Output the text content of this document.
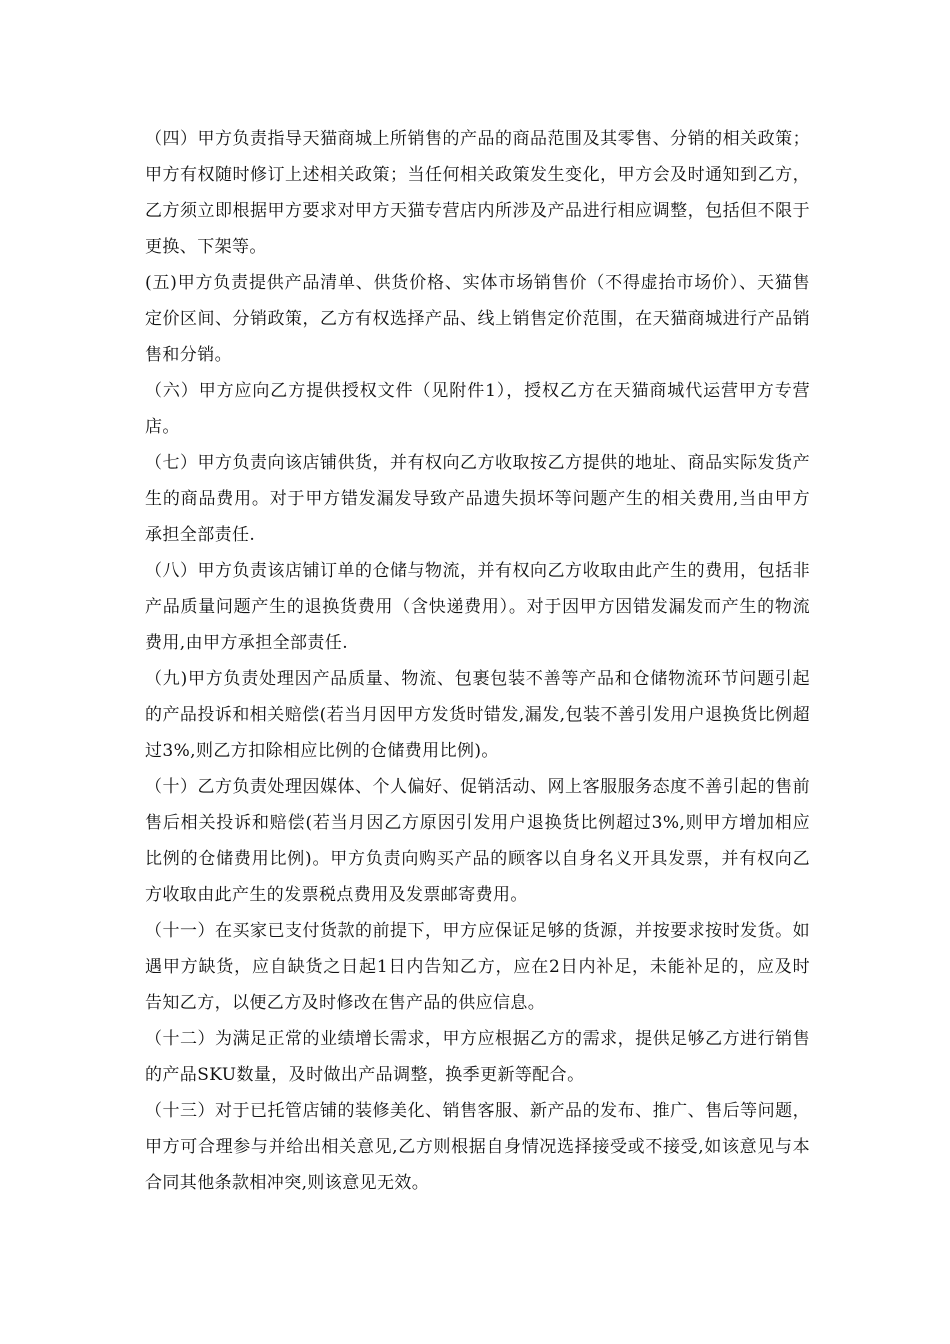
（四）甲方负责指导天猫商城上所销售的产品的商品范围及其零售、分销的相关政策；甲方有权随时修订上述相关政策；当任何相关政策发生变化，甲方会及时通知到乙方，乙方须立即根据甲方要求对甲方天猫专营店内所涉及产品进行相应调整，包括但不限于更换、下架等。

(五)甲方负责提供产品清单、供货价格、实体市场销售价（不得虚抬市场价）、天猫售定价区间、分销政策，乙方有权选择产品、线上销售定价范围，在天猫商城进行产品销售和分销。

（六）甲方应向乙方提供授权文件（见附件1），授权乙方在天猫商城代运营甲方专营店。

（七）甲方负责向该店铺供货，并有权向乙方收取按乙方提供的地址、商品实际发货产生的商品费用。对于甲方错发漏发导致产品遗失损坏等问题产生的相关费用,当由甲方承担全部责任.

（八）甲方负责该店铺订单的仓储与物流，并有权向乙方收取由此产生的费用，包括非产品质量问题产生的退换货费用（含快递费用）。对于因甲方因错发漏发而产生的物流费用,由甲方承担全部责任.

（九)甲方负责处理因产品质量、物流、包裹包装不善等产品和仓储物流环节问题引起的产品投诉和相关赔偿(若当月因甲方发货时错发,漏发,包装不善引发用户退换货比例超过3%,则乙方扣除相应比例的仓储费用比例)。

（十）乙方负责处理因媒体、个人偏好、促销活动、网上客服服务态度不善引起的售前售后相关投诉和赔偿(若当月因乙方原因引发用户退换货比例超过3%,则甲方增加相应比例的仓储费用比例)。甲方负责向购买产品的顾客以自身名义开具发票，并有权向乙方收取由此产生的发票税点费用及发票邮寄费用。

（十一）在买家已支付货款的前提下，甲方应保证足够的货源，并按要求按时发货。如遇甲方缺货，应自缺货之日起1日内告知乙方，应在2日内补足，未能补足的，应及时告知乙方，以便乙方及时修改在售产品的供应信息。

（十二）为满足正常的业绩增长需求，甲方应根据乙方的需求，提供足够乙方进行销售的产品SKU数量，及时做出产品调整，换季更新等配合。

（十三）对于已托管店铺的装修美化、销售客服、新产品的发布、推广、售后等问题，甲方可合理参与并给出相关意见,乙方则根据自身情况选择接受或不接受,如该意见与本合同其他条款相冲突,则该意见无效。
